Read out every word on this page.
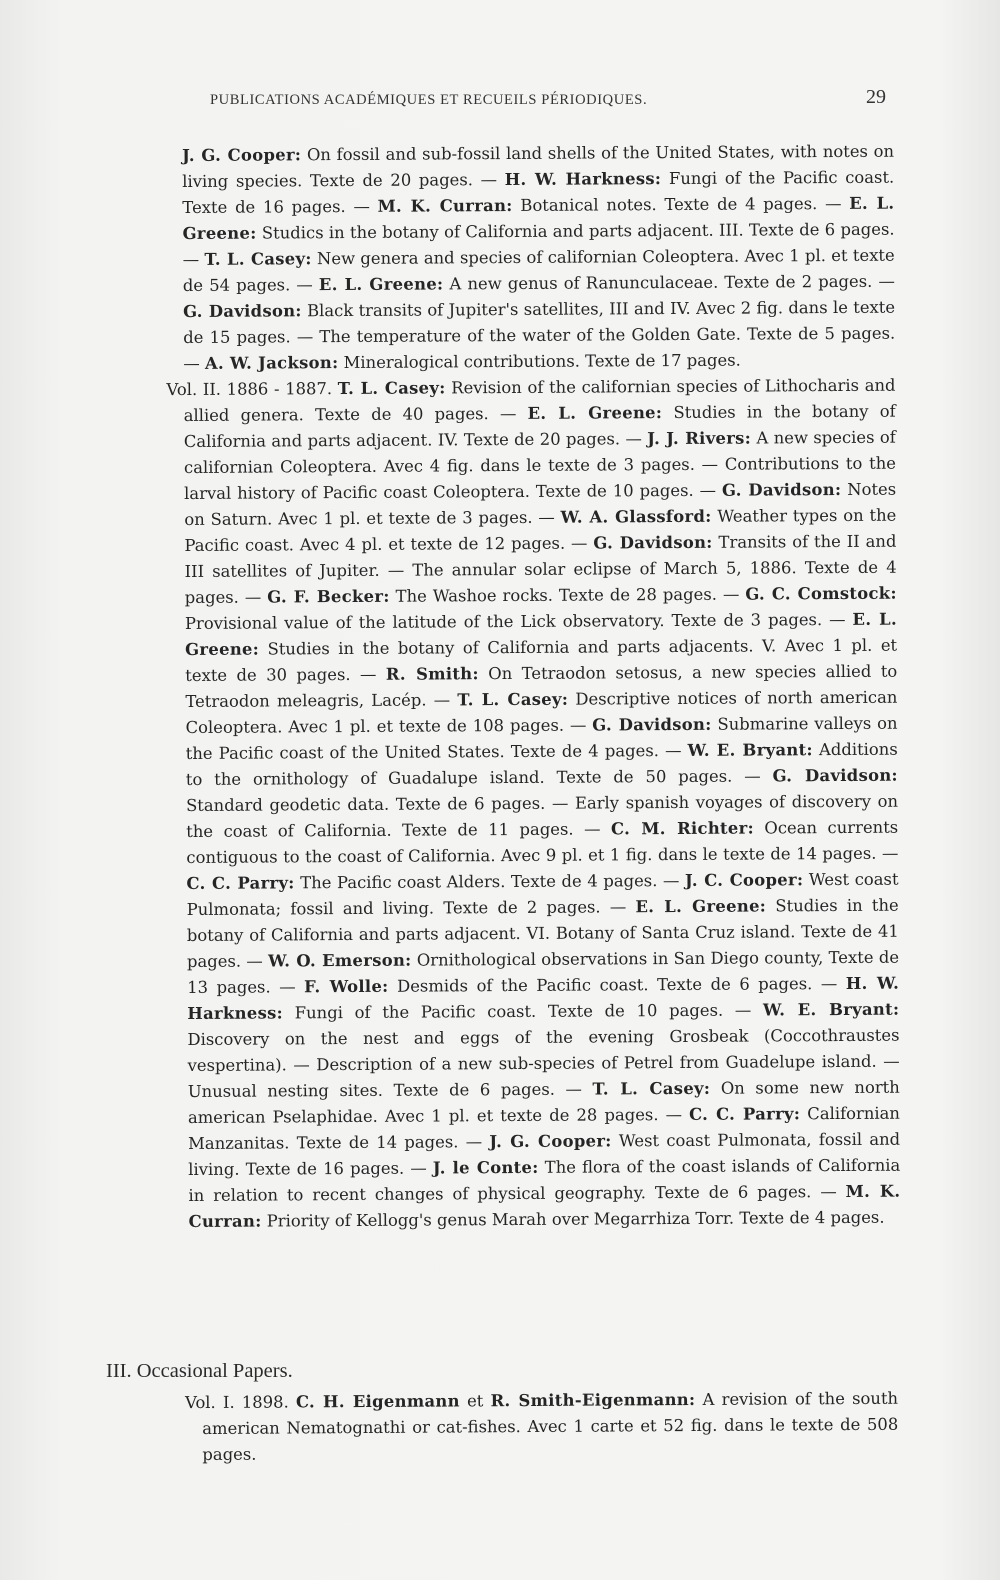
PUBLICATIONS ACADÉMIQUES ET RECUEILS PÉRIODIQUES.	29

J. G. Cooper: On fossil and sub-fossil land shells of the United States, with notes on living species. Texte de 20 pages. — H. W. Harkness: Fungi of the Pacific coast. Texte de 16 pages. — M. K. Curran: Botanical notes. Texte de 4 pages. — E. L. Greene: Studics in the botany of California and parts adjacent. III. Texte de 6 pages. — T. L. Casey: New genera and species of californian Coleoptera. Avec 1 pl. et texte de 54 pages. — E. L. Greene: A new genus of Ranunculaceae. Texte de 2 pages. — G. Davidson: Black transits of Jupiter's satellites, III and IV. Avec 2 fig. dans le texte de 15 pages. — The temperature of the water of the Golden Gate. Texte de 5 pages. — A. W. Jackson: Mineralogical contributions. Texte de 17 pages.

Vol. II. 1886 - 1887. T. L. Casey: Revision of the californian species of Lithocharis and allied genera. Texte de 40 pages. — E. L. Greene: Studies in the botany of California and parts adjacent. IV. Texte de 20 pages. — J. J. Rivers: A new species of californian Coleoptera. Avec 4 fig. dans le texte de 3 pages. — Contributions to the larval history of Pacific coast Coleoptera. Texte de 10 pages. — G. Davidson: Notes on Saturn. Avec 1 pl. et texte de 3 pages. — W. A. Glassford: Weather types on the Pacific coast. Avec 4 pl. et texte de 12 pages. — G. Davidson: Transits of the II and III satellites of Jupiter. — The annular solar eclipse of March 5, 1886. Texte de 4 pages. — G. F. Becker: The Washoe rocks. Texte de 28 pages. — G. C. Comstock: Provisional value of the latitude of the Lick observatory. Texte de 3 pages. — E. L. Greene: Studies in the botany of California and parts adjacents. V. Avec 1 pl. et texte de 30 pages. — R. Smith: On Tetraodon setosus, a new species allied to Tetraodon meleagris, Lacép. — T. L. Casey: Descriptive notices of north american Coleoptera. Avec 1 pl. et texte de 108 pages. — G. Davidson: Submarine valleys on the Pacific coast of the United States. Texte de 4 pages. — W. E. Bryant: Additions to the ornithology of Guadalupe island. Texte de 50 pages. — G. Davidson: Standard geodetic data. Texte de 6 pages. — Early spanish voyages of discovery on the coast of California. Texte de 11 pages. — C. M. Richter: Ocean currents contiguous to the coast of California. Avec 9 pl. et 1 fig. dans le texte de 14 pages. — C. C. Parry: The Pacific coast Alders. Texte de 4 pages. — J. C. Cooper: West coast Pulmonata; fossil and living. Texte de 2 pages. — E. L. Greene: Studies in the botany of California and parts adjacent. VI. Botany of Santa Cruz island. Texte de 41 pages. — W. O. Emerson: Ornithological observations in San Diego county, Texte de 13 pages. — F. Wolle: Desmids of the Pacific coast. Texte de 6 pages. — H. W. Harkness: Fungi of the Pacific coast. Texte de 10 pages. — W. E. Bryant: Discovery on the nest and eggs of the evening Grosbeak (Coccothraustes vespertina). — Description of a new sub-species of Petrel from Guadelupe island. — Unusual nesting sites. Texte de 6 pages. — T. L. Casey: On some new north american Pselaphidae. Avec 1 pl. et texte de 28 pages. — C. C. Parry: Californian Manzanitas. Texte de 14 pages. — J. G. Cooper: West coast Pulmonata, fossil and living. Texte de 16 pages. — J. le Conte: The flora of the coast islands of California in relation to recent changes of physical geography. Texte de 6 pages. — M. K. Curran: Priority of Kellogg's genus Marah over Megarrhiza Torr. Texte de 4 pages.

III. Occasional Papers.

Vol. I. 1898. C. H. Eigenmann et R. Smith-Eigenmann: A revision of the south american Nematognathi or cat-fishes. Avec 1 carte et 52 fig. dans le texte de 508 pages.
